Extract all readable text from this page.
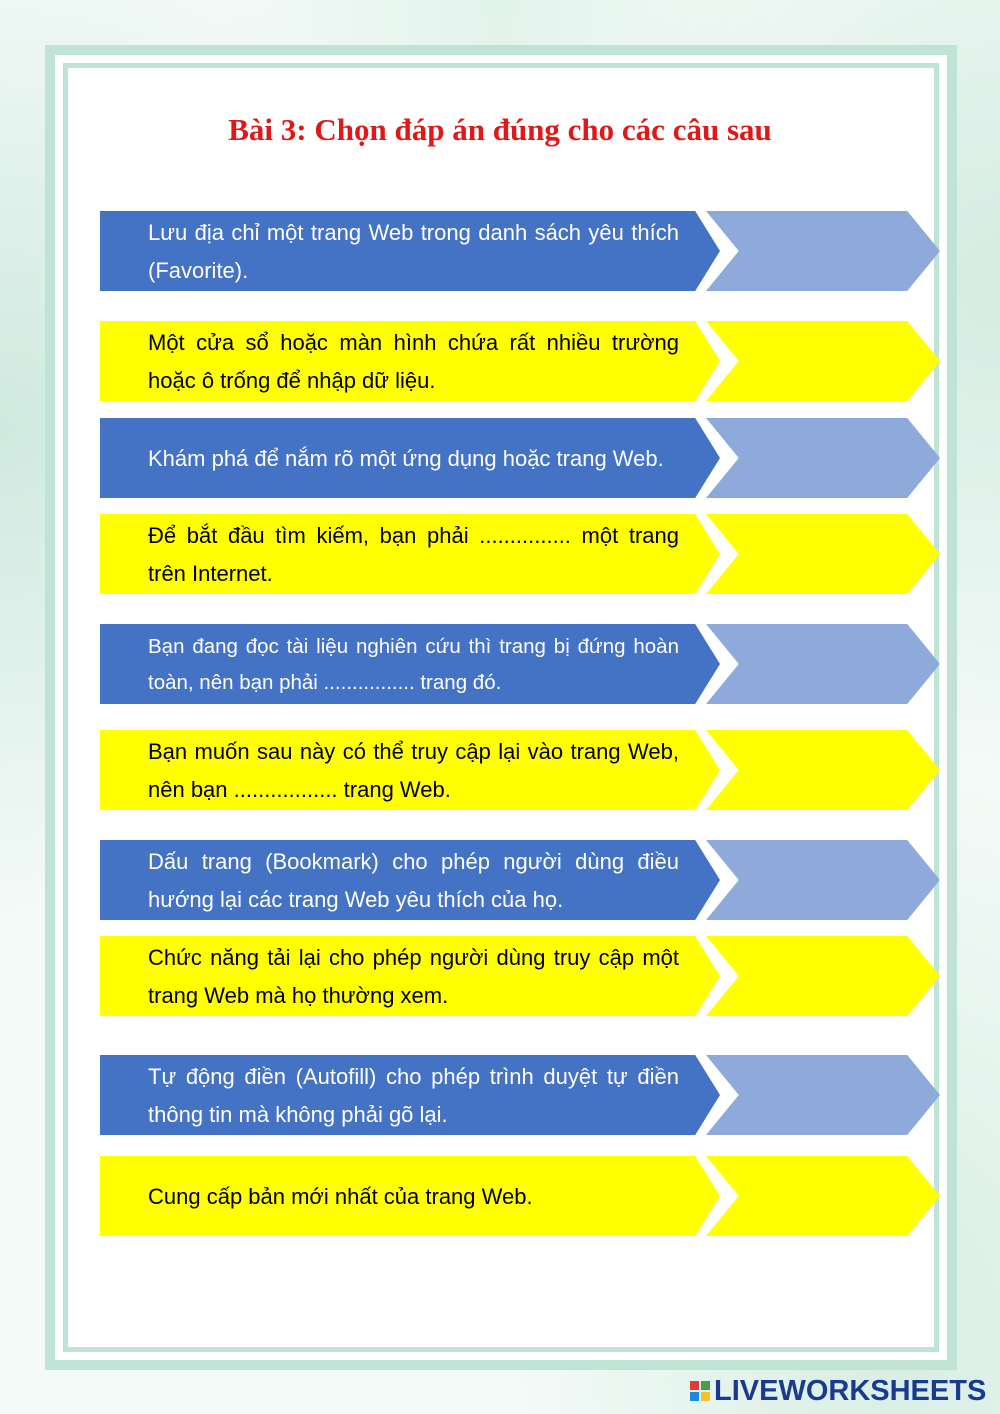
Bài 3: Chọn đáp án đúng cho các câu sau
Lưu địa chỉ một trang Web trong danh sách yêu thích (Favorite).
Một cửa sổ hoặc màn hình chứa rất nhiều trường hoặc ô trống để nhập dữ liệu.
Khám phá để nắm rõ một ứng dụng hoặc trang Web.
Để bắt đầu tìm kiếm, bạn phải ............... một trang trên Internet.
Bạn đang đọc tài liệu nghiên cứu thì trang bị đứng hoàn toàn, nên bạn phải ................ trang đó.
Bạn muốn sau này có thể truy cập lại vào trang Web, nên bạn ................. trang Web.
Dấu trang (Bookmark) cho phép người dùng điều hướng lại các trang Web yêu thích của họ.
Chức năng tải lại cho phép người dùng truy cập một trang Web mà họ thường xem.
Tự động điền (Autofill) cho phép trình duyệt tự điền thông tin mà không phải gõ lại.
Cung cấp bản mới nhất của trang Web.
LIVEWORKSHEETS
